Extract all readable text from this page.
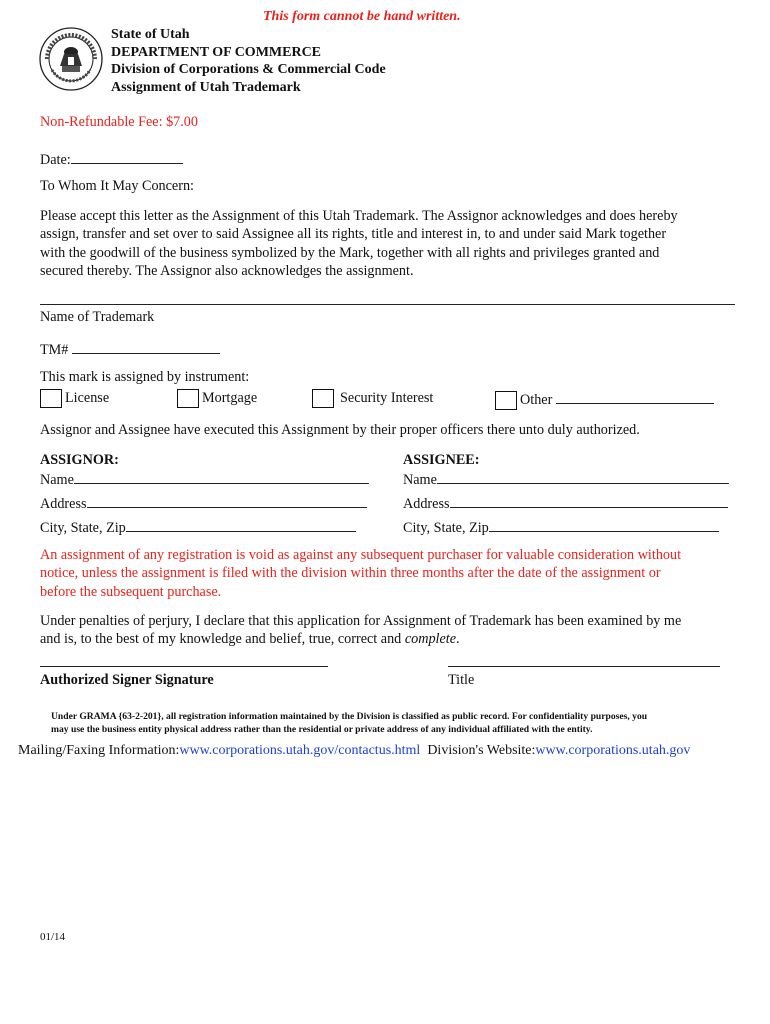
This form cannot be hand written.
State of Utah
DEPARTMENT OF COMMERCE
Division of Corporations & Commercial Code
Assignment of Utah Trademark
Non-Refundable Fee: $7.00
Date:
To Whom It May Concern:
Please accept this letter as the Assignment of this Utah Trademark. The Assignor acknowledges and does hereby
assign, transfer and set over to said Assignee all its rights, title and interest in, to and under said Mark together
with the goodwill of the business symbolized by the Mark, together with all rights and privileges granted and
secured thereby. The Assignor also acknowledges the assignment.
Name of Trademark
TM#
This mark is assigned by instrument:
License	Mortgage	Security Interest	Other
Assignor and Assignee have executed this Assignment by their proper officers there unto duly authorized.
ASSIGNOR:
Name
Address
City, State, Zip
ASSIGNEE:
Name
Address
City, State, Zip
An assignment of any registration is void as against any subsequent purchaser for valuable consideration without
notice, unless the assignment is filed with the division within three months after the date of the assignment or
before the subsequent purchase.
Under penalties of perjury, I declare that this application for Assignment of Trademark has been examined by me
and is, to the best of my knowledge and belief, true, correct and complete.
Authorized Signer Signature	Title
Under GRAMA {63-2-201}, all registration information maintained by the Division is classified as public record. For confidentiality purposes, you
may use the business entity physical address rather than the residential or private address of any individual affiliated with the entity.
Mailing/Faxing Information:www.corporations.utah.gov/contactus.html Division's Website:www.corporations.utah.gov
01/14
